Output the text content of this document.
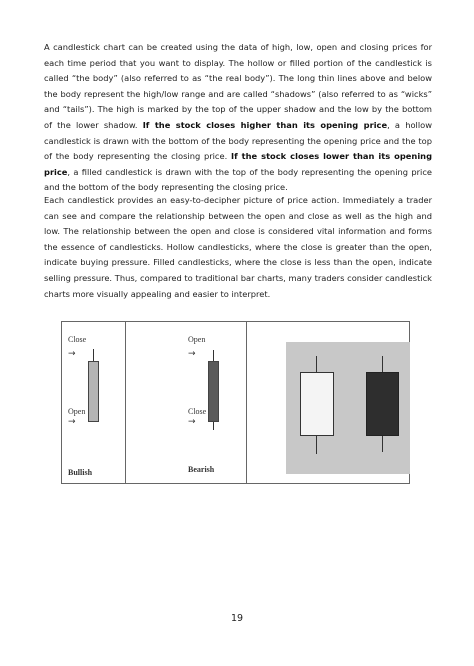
A candlestick chart can be created using the data of high, low, open and closing prices for each time period that you want to display. The hollow or filled portion of the candlestick is called “the body” (also referred to as “the real body”). The long thin lines above and below the body represent the high/low range and are called “shadows” (also referred to as “wicks” and “tails”). The high is marked by the top of the upper shadow and the low by the bottom of the lower shadow. If the stock closes higher than its opening price, a hollow candlestick is drawn with the bottom of the body representing the opening price and the top of the body representing the closing price. If the stock closes lower than its opening price, a filled candlestick is drawn with the top of the body representing the opening price and the bottom of the body representing the closing price.

Each candlestick provides an easy-to-decipher picture of price action. Immediately a trader can see and compare the relationship between the open and close as well as the high and low. The relationship between the open and close is considered vital information and forms the essence of candlesticks. Hollow candlesticks, where the close is greater than the open, indicate buying pressure. Filled candlesticks, where the close is less than the open, indicate selling pressure. Thus, compared to traditional bar charts, many traders consider candlestick charts more visually appealing and easier to interpret.

Close
→
Open
→
Bullish
Open
→
Close
→
Bearish
19
